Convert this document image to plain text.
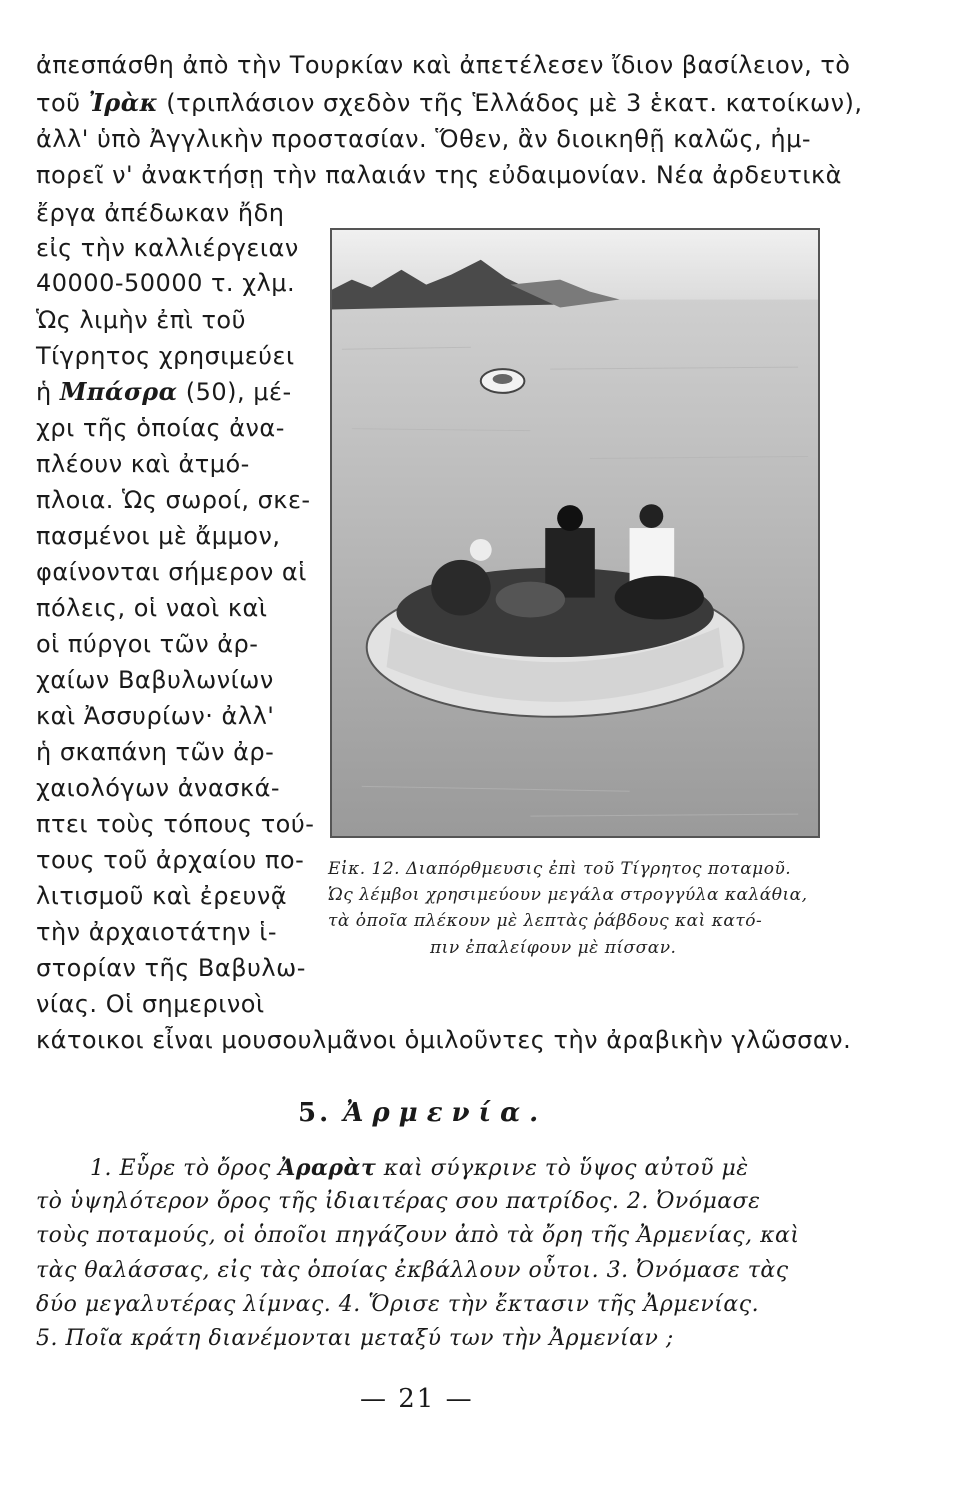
ἀπεσπάσθη ἀπὸ τὴν Τουρκίαν καὶ ἀπετέλεσεν ἴδιον βασίλειον, τὸ
τοῦ Ἰρὰκ (τριπλάσιον σχεδὸν τῆς Ἑλλάδος μὲ 3 ἑκατ. κατοίκων),
ἀλλ' ὑπὸ Ἀγγλικὴν προστασίαν. Ὅθεν, ἂν διοικηθῇ καλῶς, ἠμ-
πορεῖ ν' ἀνακτήσῃ τὴν παλαιάν της εὐδαιμονίαν. Νέα ἀρδευτικὰ
ἔργα ἀπέδωκαν ἤδη
εἰς τὴν καλλιέργειαν
40000-50000 τ. χλμ.
Ὡς λιμὴν ἐπὶ τοῦ
Τίγρητος χρησιμεύει
ἡ Μπάσρα (50), μέ-
χρι τῆς ὁποίας ἀνα-
πλέουν καὶ ἀτμό-
πλοια. Ὡς σωροί, σκε-
πασμένοι μὲ ἄμμον,
φαίνονται σήμερον αἱ
πόλεις, οἱ ναοὶ καὶ
οἱ πύργοι τῶν ἀρ-
χαίων Βαβυλωνίων
καὶ Ἀσσυρίων· ἀλλ'
ἡ σκαπάνη τῶν ἀρ-
χαιολόγων ἀνασκά-
πτει τοὺς τόπους τού-
τους τοῦ ἀρχαίου πο-
λιτισμοῦ καὶ ἐρευνᾷ
τὴν ἀρχαιοτάτην ἱ-
στορίαν τῆς Βαβυλω-
νίας. Οἱ σημερινοὶ
κάτοικοι εἶναι μουσουλμᾶνοι ὁμιλοῦντες τὴν ἀραβικὴν γλῶσσαν.
Εἰκ. 12. Διαπόρθμευσις ἐπὶ τοῦ Τίγρητος ποταμοῦ.
Ὡς λέμβοι χρησιμεύουν μεγάλα στρογγύλα καλάθια,
τὰ ὁποῖα πλέκουν μὲ λεπτὰς ῥάβδους καὶ κατό-
πιν ἐπαλείφουν μὲ πίσσαν.
5. Ἀρμενία.
1. Εὗρε τὸ ὄρος Ἀραρὰτ καὶ σύγκρινε τὸ ὕψος αὐτοῦ μὲ
τὸ ὑψηλότερον ὄρος τῆς ἰδιαιτέρας σου πατρίδος. 2. Ὀνόμασε
τοὺς ποταμούς, οἱ ὁποῖοι πηγάζουν ἀπὸ τὰ ὄρη τῆς Ἀρμενίας, καὶ
τὰς θαλάσσας, εἰς τὰς ὁποίας ἐκβάλλουν οὗτοι. 3. Ὀνόμασε τὰς
δύο μεγαλυτέρας λίμνας. 4. Ὅρισε τὴν ἔκτασιν τῆς Ἀρμενίας.
5. Ποῖα κράτη διανέμονται μεταξύ των τὴν Ἀρμενίαν ;
— 21 —
